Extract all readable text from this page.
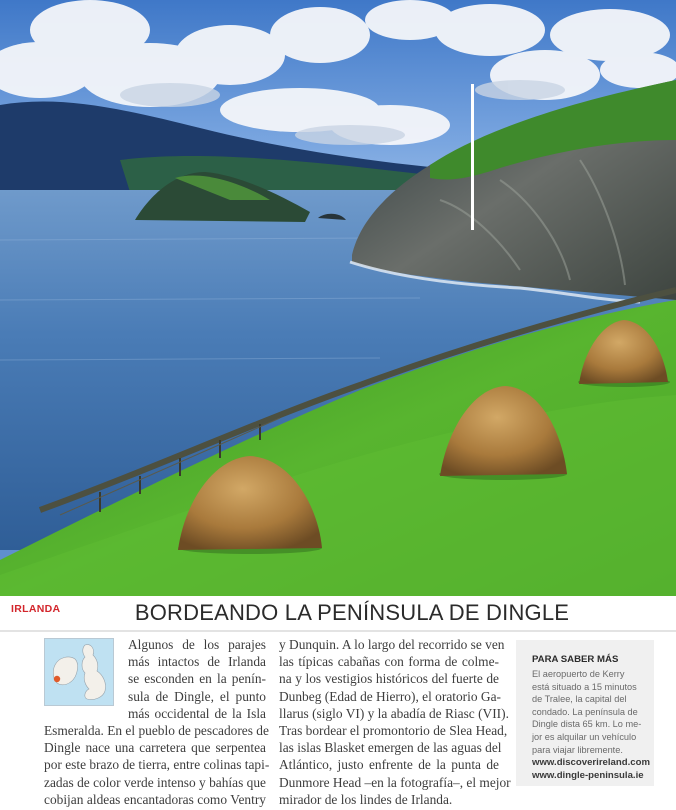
IRLANDA	BORDEANDO LA PENÍNSULA DE DINGLE
Algunos de los parajes
más intactos de Irlanda
se esconden en la penín-
sula de Dingle, el punto
más occidental de la Isla
Esmeralda. En el pueblo de pescadores de
Dingle nace una carretera que serpentea
por este brazo de tierra, entre colinas tapi-
zadas de color verde intenso y bahías que
cobijan aldeas encantadoras como Ventry
y Dunquin. A lo largo del recorrido se ven
las típicas cabañas con forma de colme-
na y los vestigios históricos del fuerte de
Dunbeg (Edad de Hierro), el oratorio Ga-
llarus (siglo VI) y la abadía de Riasc (VII).
Tras bordear el promontorio de Slea Head,
las islas Blasket emergen de las aguas del
Atlántico, justo enfrente de la punta de
Dunmore Head –en la fotografía–, el mejor
mirador de los lindes de Irlanda.
PARA SABER MÁS
El aeropuerto de Kerry
está situado a 15 minutos
de Tralee, la capital del
condado. La península de
Dingle dista 65 km. Lo me-
jor es alquilar un vehículo
para viajar libremente.
www.discoverireland.com
www.dingle-peninsula.ie
